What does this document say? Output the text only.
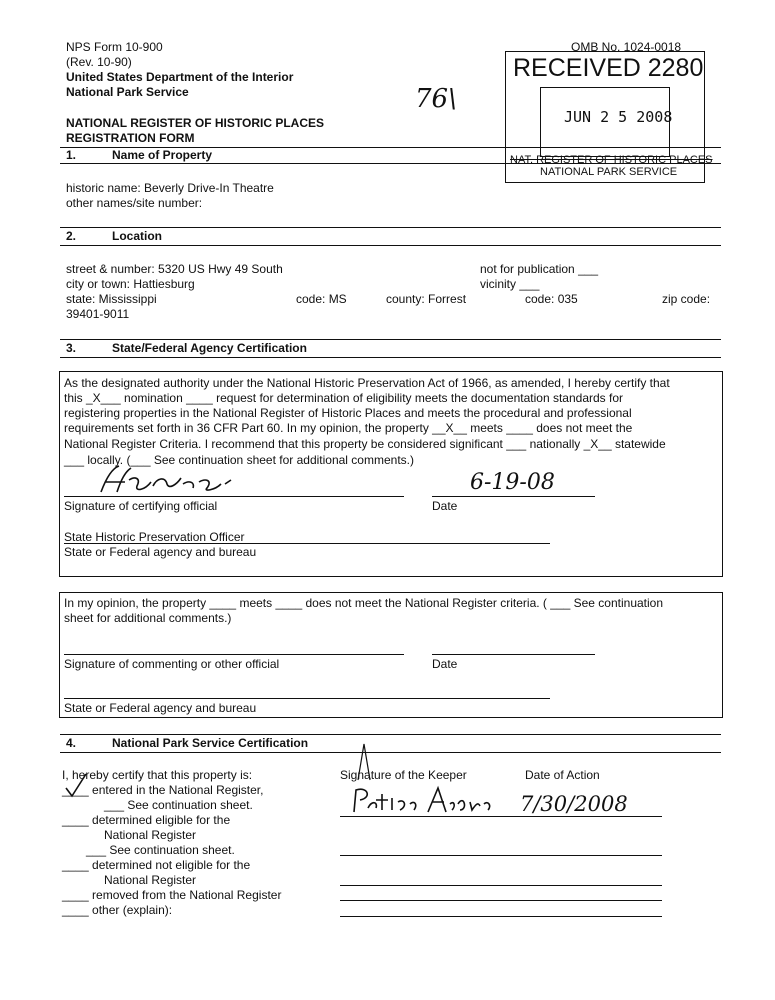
NPS Form 10-900
(Rev. 10-90)
United States Department of the Interior
National Park Service
OMB No. 1024-0018
NATIONAL REGISTER OF HISTORIC PLACES
REGISTRATION FORM
RECEIVED 2280
JUN 2 5 2008
NAT. REGISTER OF HISTORIC PLACES
NATIONAL PARK SERVICE
76\
1.	Name of Property
historic name: Beverly Drive-In Theatre
other names/site number:
2.	Location
street & number: 5320 US Hwy 49 South	not for publication ___
city or town: Hattiesburg	vicinity ___
state: Mississippi	code: MS	county: Forrest	code: 035	zip code:
39401-9011
3.	State/Federal Agency Certification
As the designated authority under the National Historic Preservation Act of 1966, as amended, I hereby certify that
this _X___ nomination ____ request for determination of eligibility meets the documentation standards for
registering properties in the National Register of Historic Places and meets the procedural and professional
requirements set forth in 36 CFR Part 60. In my opinion, the property __X__ meets ____ does not meet the
National Register Criteria. I recommend that this property be considered significant ___ nationally _X__ statewide
___ locally. (___ See continuation sheet for additional comments.)
Signature of certifying official
6-19-08
Date
State Historic Preservation Officer
State or Federal agency and bureau
In my opinion, the property ____ meets ____ does not meet the National Register criteria. ( ___ See continuation
sheet for additional comments.)
Signature of commenting or other official	Date
State or Federal agency and bureau
4.	National Park Service Certification
I, hereby certify that this property is:
____ entered in the National Register,
___ See continuation sheet.
____ determined eligible for the
National Register
___ See continuation sheet.
____ determined not eligible for the
National Register
____ removed from the National Register
____ other (explain):
Signature of the Keeper	Date of Action
7/30/2008
